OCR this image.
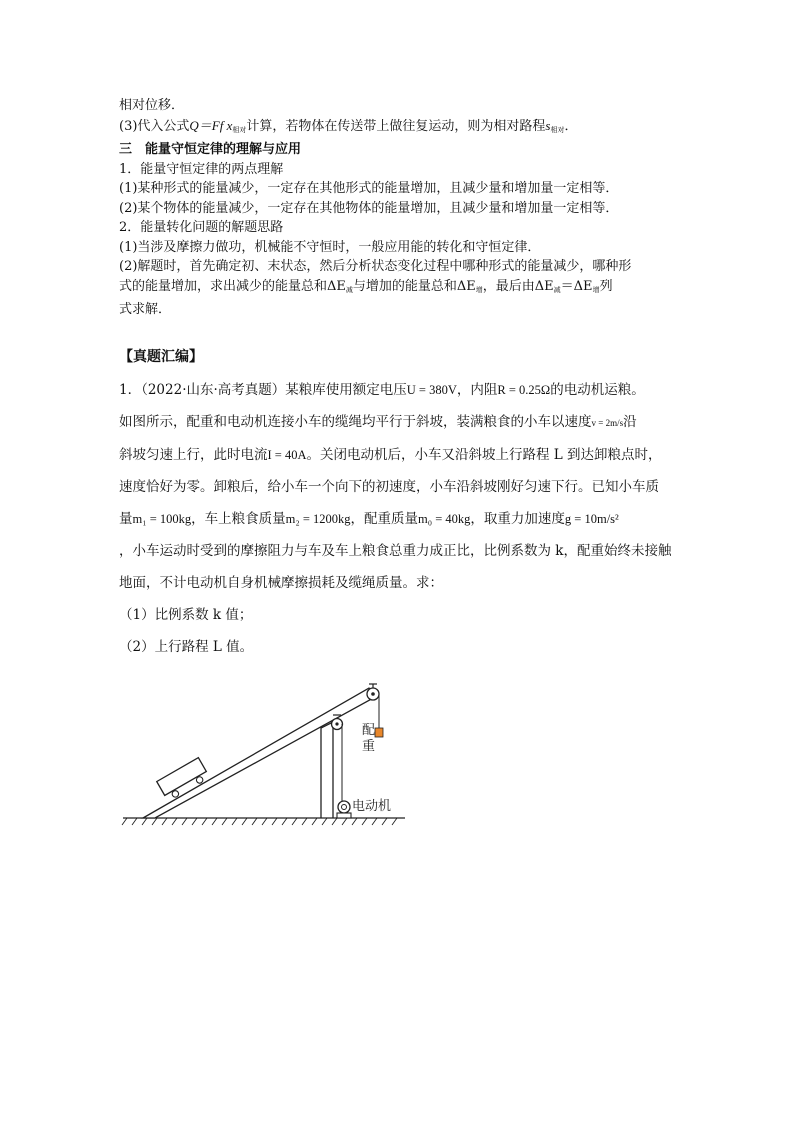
相对位移．
(3)代入公式Q＝Ff $x_{相对}$计算，若物体在传送带上做往复运动，则为相对路程$s_{相对}$．
三　能量守恒定律的理解与应用
1．能量守恒定律的两点理解
(1)某种形式的能量减少，一定存在其他形式的能量增加，且减少量和增加量一定相等．
(2)某个物体的能量减少，一定存在其他物体的能量增加，且减少量和增加量一定相等．
2．能量转化问题的解题思路
(1)当涉及摩擦力做功，机械能不守恒时，一般应用能的转化和守恒定律．
(2)解题时，首先确定初、末状态，然后分析状态变化过程中哪种形式的能量减少，哪种形
式的能量增加，求出减少的能量总和$\Delta E_减$与增加的能量总和$\Delta E_增$，最后由$\Delta E_减=\Delta E_增$列
式求解．
【真题汇编】
1．（2022·山东·高考真题）某粮库使用额定电压U = 380V，内阻R = 0.25Ω的电动机运粮。
如图所示，配重和电动机连接小车的缆绳均平行于斜坡，装满粮食的小车以速度v = 2m/s沿
斜坡匀速上行，此时电流I = 40A。关闭电动机后，小车又沿斜坡上行路程 L 到达卸粮点时，
速度恰好为零。卸粮后，给小车一个向下的初速度，小车沿斜坡刚好匀速下行。已知小车质
量m₁ = 100kg，车上粮食质量m₂ = 1200kg，配重质量m₀ = 40kg，取重力加速度g = 10m/s²
，小车运动时受到的摩擦阻力与车及车上粮食总重力成正比，比例系数为 k，配重始终未接触
地面，不计电动机自身机械摩擦损耗及缆绳质量。求：
（1）比例系数 k 值；
（2）上行路程 L 值。
配
重
电动机
